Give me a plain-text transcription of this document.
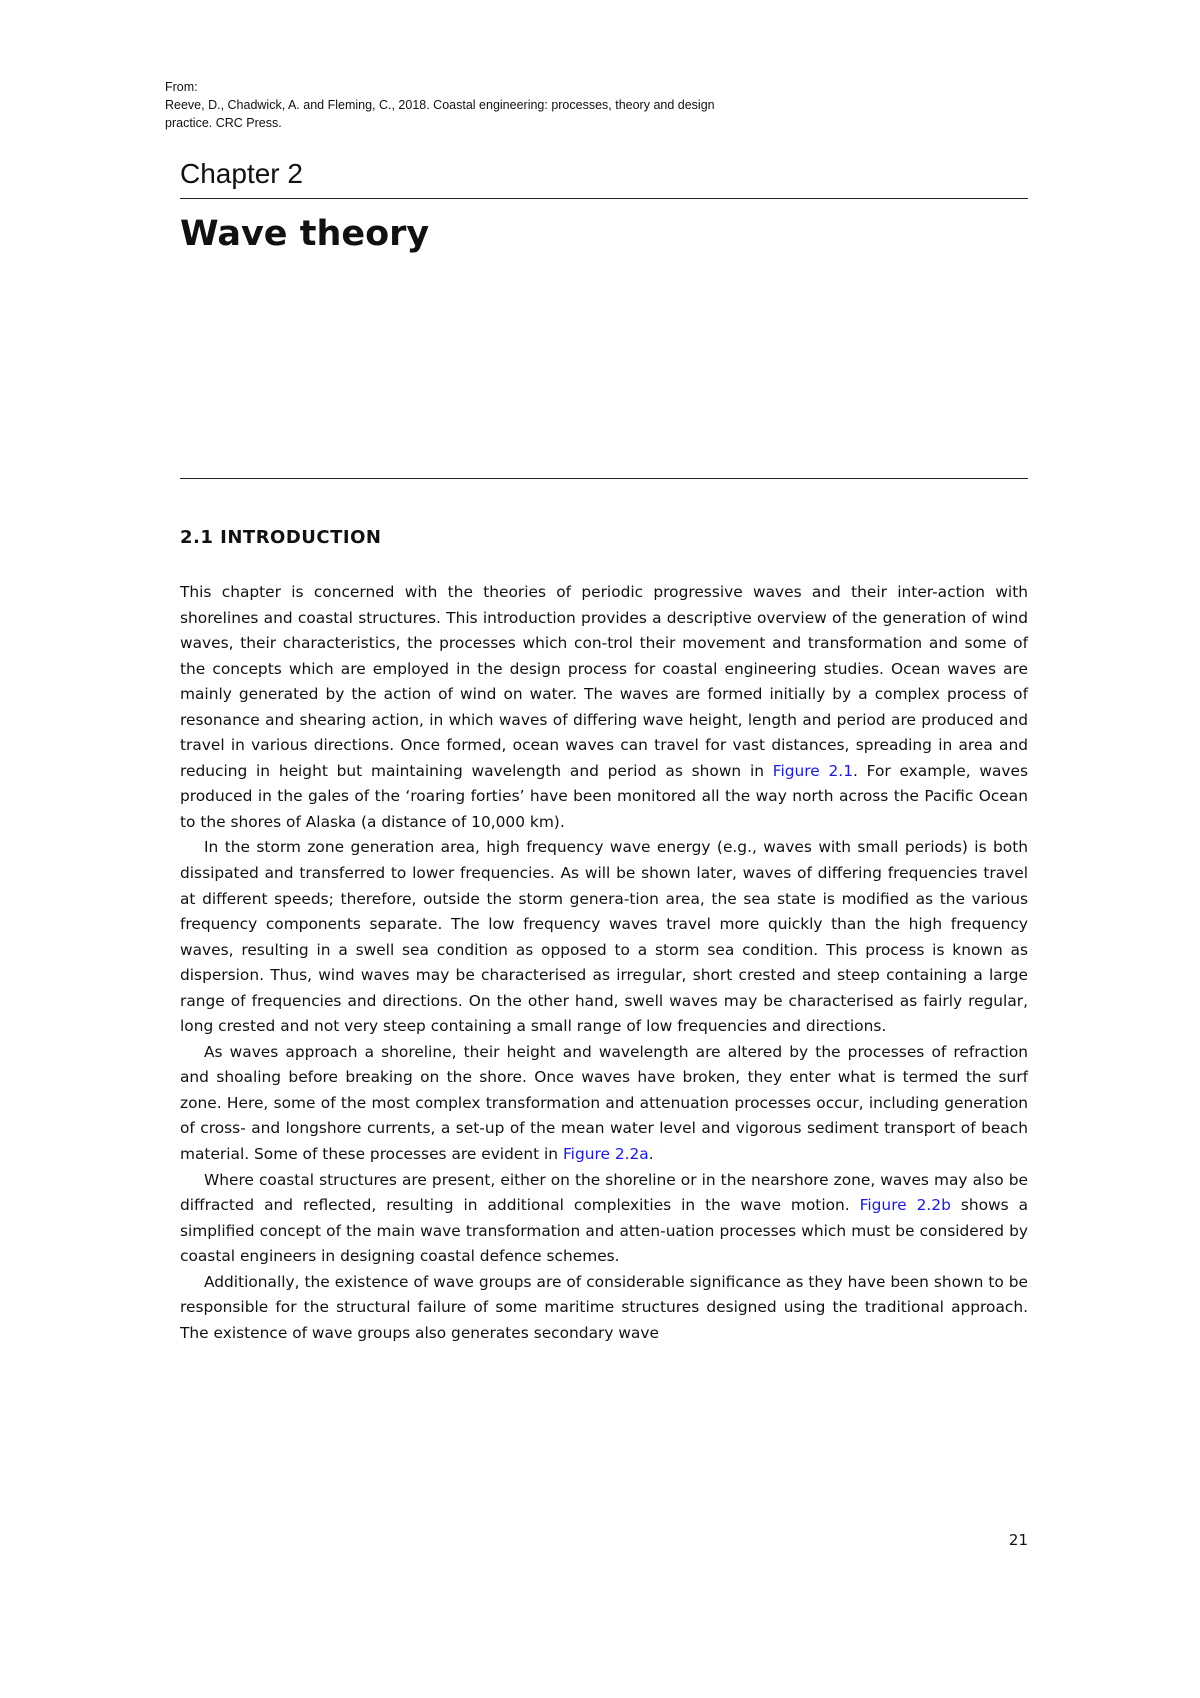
From:
Reeve, D., Chadwick, A. and Fleming, C., 2018. Coastal engineering: processes, theory and design
practice. CRC Press.
Chapter 2
Wave theory
2.1 INTRODUCTION

This chapter is concerned with the theories of periodic progressive waves and their inter-action with shorelines and coastal structures. This introduction provides a descriptive overview of the generation of wind waves, their characteristics, the processes which con-trol their movement and transformation and some of the concepts which are employed in the design process for coastal engineering studies. Ocean waves are mainly generated by the action of wind on water. The waves are formed initially by a complex process of resonance and shearing action, in which waves of differing wave height, length and period are produced and travel in various directions. Once formed, ocean waves can travel for vast distances, spreading in area and reducing in height but maintaining wavelength and period as shown in Figure 2.1. For example, waves produced in the gales of the ‘roaring forties’ have been monitored all the way north across the Pacific Ocean to the shores of Alaska (a distance of 10,000 km).

In the storm zone generation area, high frequency wave energy (e.g., waves with small periods) is both dissipated and transferred to lower frequencies. As will be shown later, waves of differing frequencies travel at different speeds; therefore, outside the storm genera-tion area, the sea state is modified as the various frequency components separate. The low frequency waves travel more quickly than the high frequency waves, resulting in a swell sea condition as opposed to a storm sea condition. This process is known as dispersion. Thus, wind waves may be characterised as irregular, short crested and steep containing a large range of frequencies and directions. On the other hand, swell waves may be characterised as fairly regular, long crested and not very steep containing a small range of low frequencies and directions.

As waves approach a shoreline, their height and wavelength are altered by the processes of refraction and shoaling before breaking on the shore. Once waves have broken, they enter what is termed the surf zone. Here, some of the most complex transformation and attenuation processes occur, including generation of cross- and longshore currents, a set-up of the mean water level and vigorous sediment transport of beach material. Some of these processes are evident in Figure 2.2a.

Where coastal structures are present, either on the shoreline or in the nearshore zone, waves may also be diffracted and reflected, resulting in additional complexities in the wave motion. Figure 2.2b shows a simplified concept of the main wave transformation and atten-uation processes which must be considered by coastal engineers in designing coastal defence schemes.

Additionally, the existence of wave groups are of considerable significance as they have been shown to be responsible for the structural failure of some maritime structures designed using the traditional approach. The existence of wave groups also generates secondary wave

21
